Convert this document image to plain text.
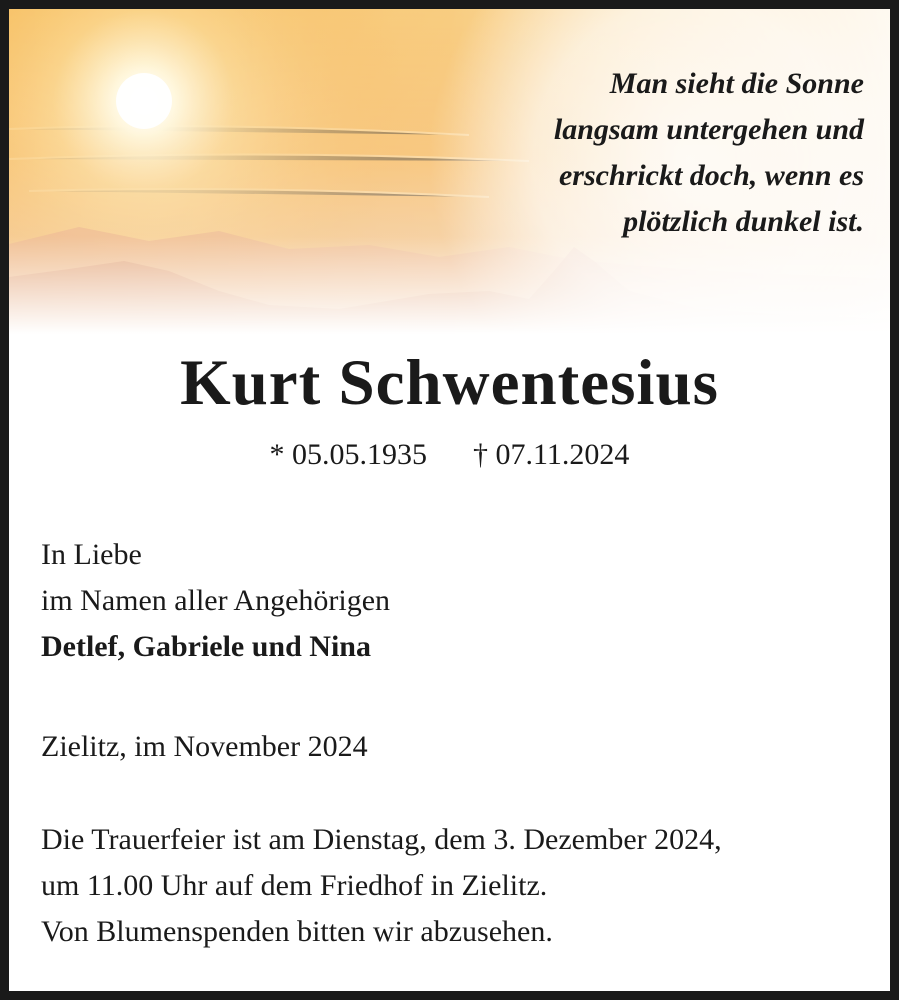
Man sieht die Sonne
langsam untergehen und
erschrickt doch, wenn es
plötzlich dunkel ist.
Kurt Schwentesius
* 05.05.1935 † 07.11.2024
In Liebe
im Namen aller Angehörigen
Detlef, Gabriele und Nina
Zielitz, im November 2024
Die Trauerfeier ist am Dienstag, dem 3. Dezember 2024,
um 11.00 Uhr auf dem Friedhof in Zielitz.
Von Blumenspenden bitten wir abzusehen.
